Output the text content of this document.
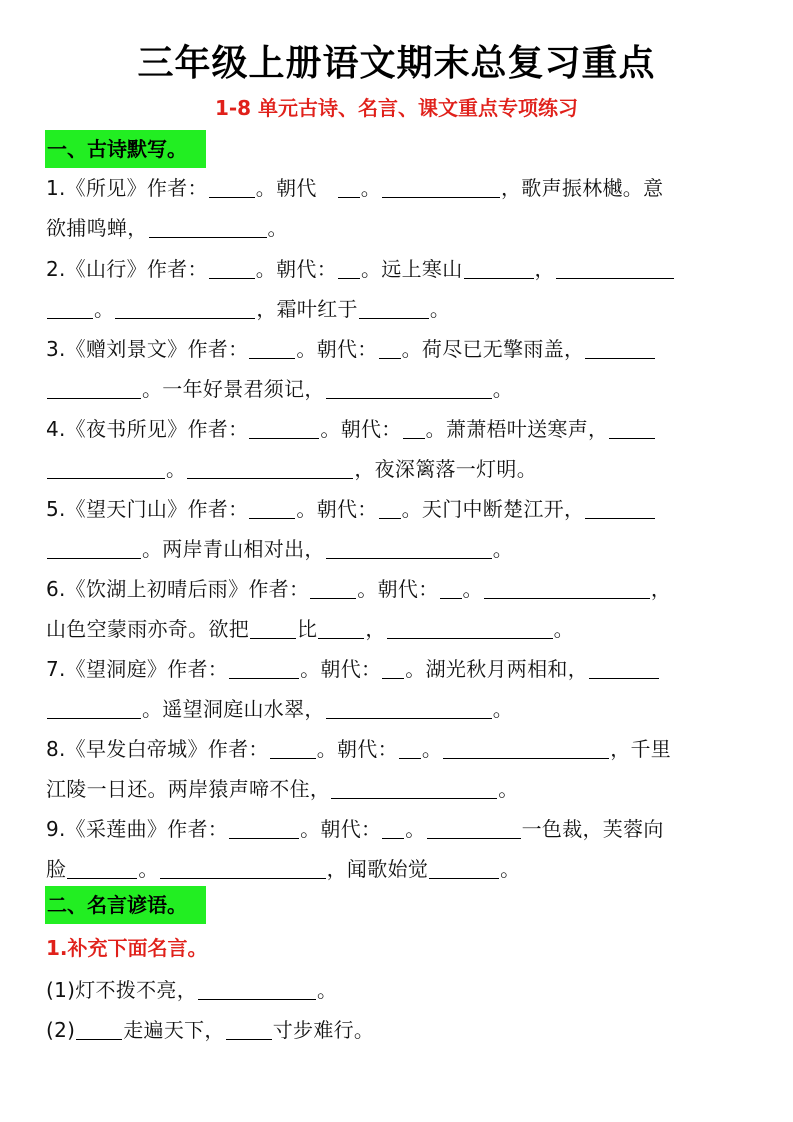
三年级上册语文期末总复习重点
1-8 单元古诗、名言、课文重点专项练习
一、古诗默写。
1.《所见》作者： 。朝代 。	，歌声振林樾。意
欲捕鸣蝉，	。
2.《山行》作者： 。朝代： 。远上寒山	，
。	，霜叶红于	。
3.《赠刘景文》作者： 。朝代： 。荷尽已无擎雨盖，
。一年好景君须记，	。
4.《夜书所见》作者：	。朝代： 。萧萧梧叶送寒声，
。	，夜深篱落一灯明。
5.《望天门山》作者： 。朝代： 。天门中断楚江开，
。两岸青山相对出，	。
6.《饮湖上初晴后雨》作者： 。朝代： 。	，
山色空蒙雨亦奇。欲把 比 ，	。
7.《望洞庭》作者：	。朝代： 。湖光秋月两相和，
。遥望洞庭山水翠，	。
8.《早发白帝城》作者： 。朝代： 。	，千里
江陵一日还。两岸猿声啼不住，	。
9.《采莲曲》作者：	。朝代： 。	一色裁，芙蓉向
脸	。	，闻歌始觉	。
二、名言谚语。
1.补充下面名言。
(1)灯不拨不亮，	。
(2) 走遍天下， 寸步难行。
